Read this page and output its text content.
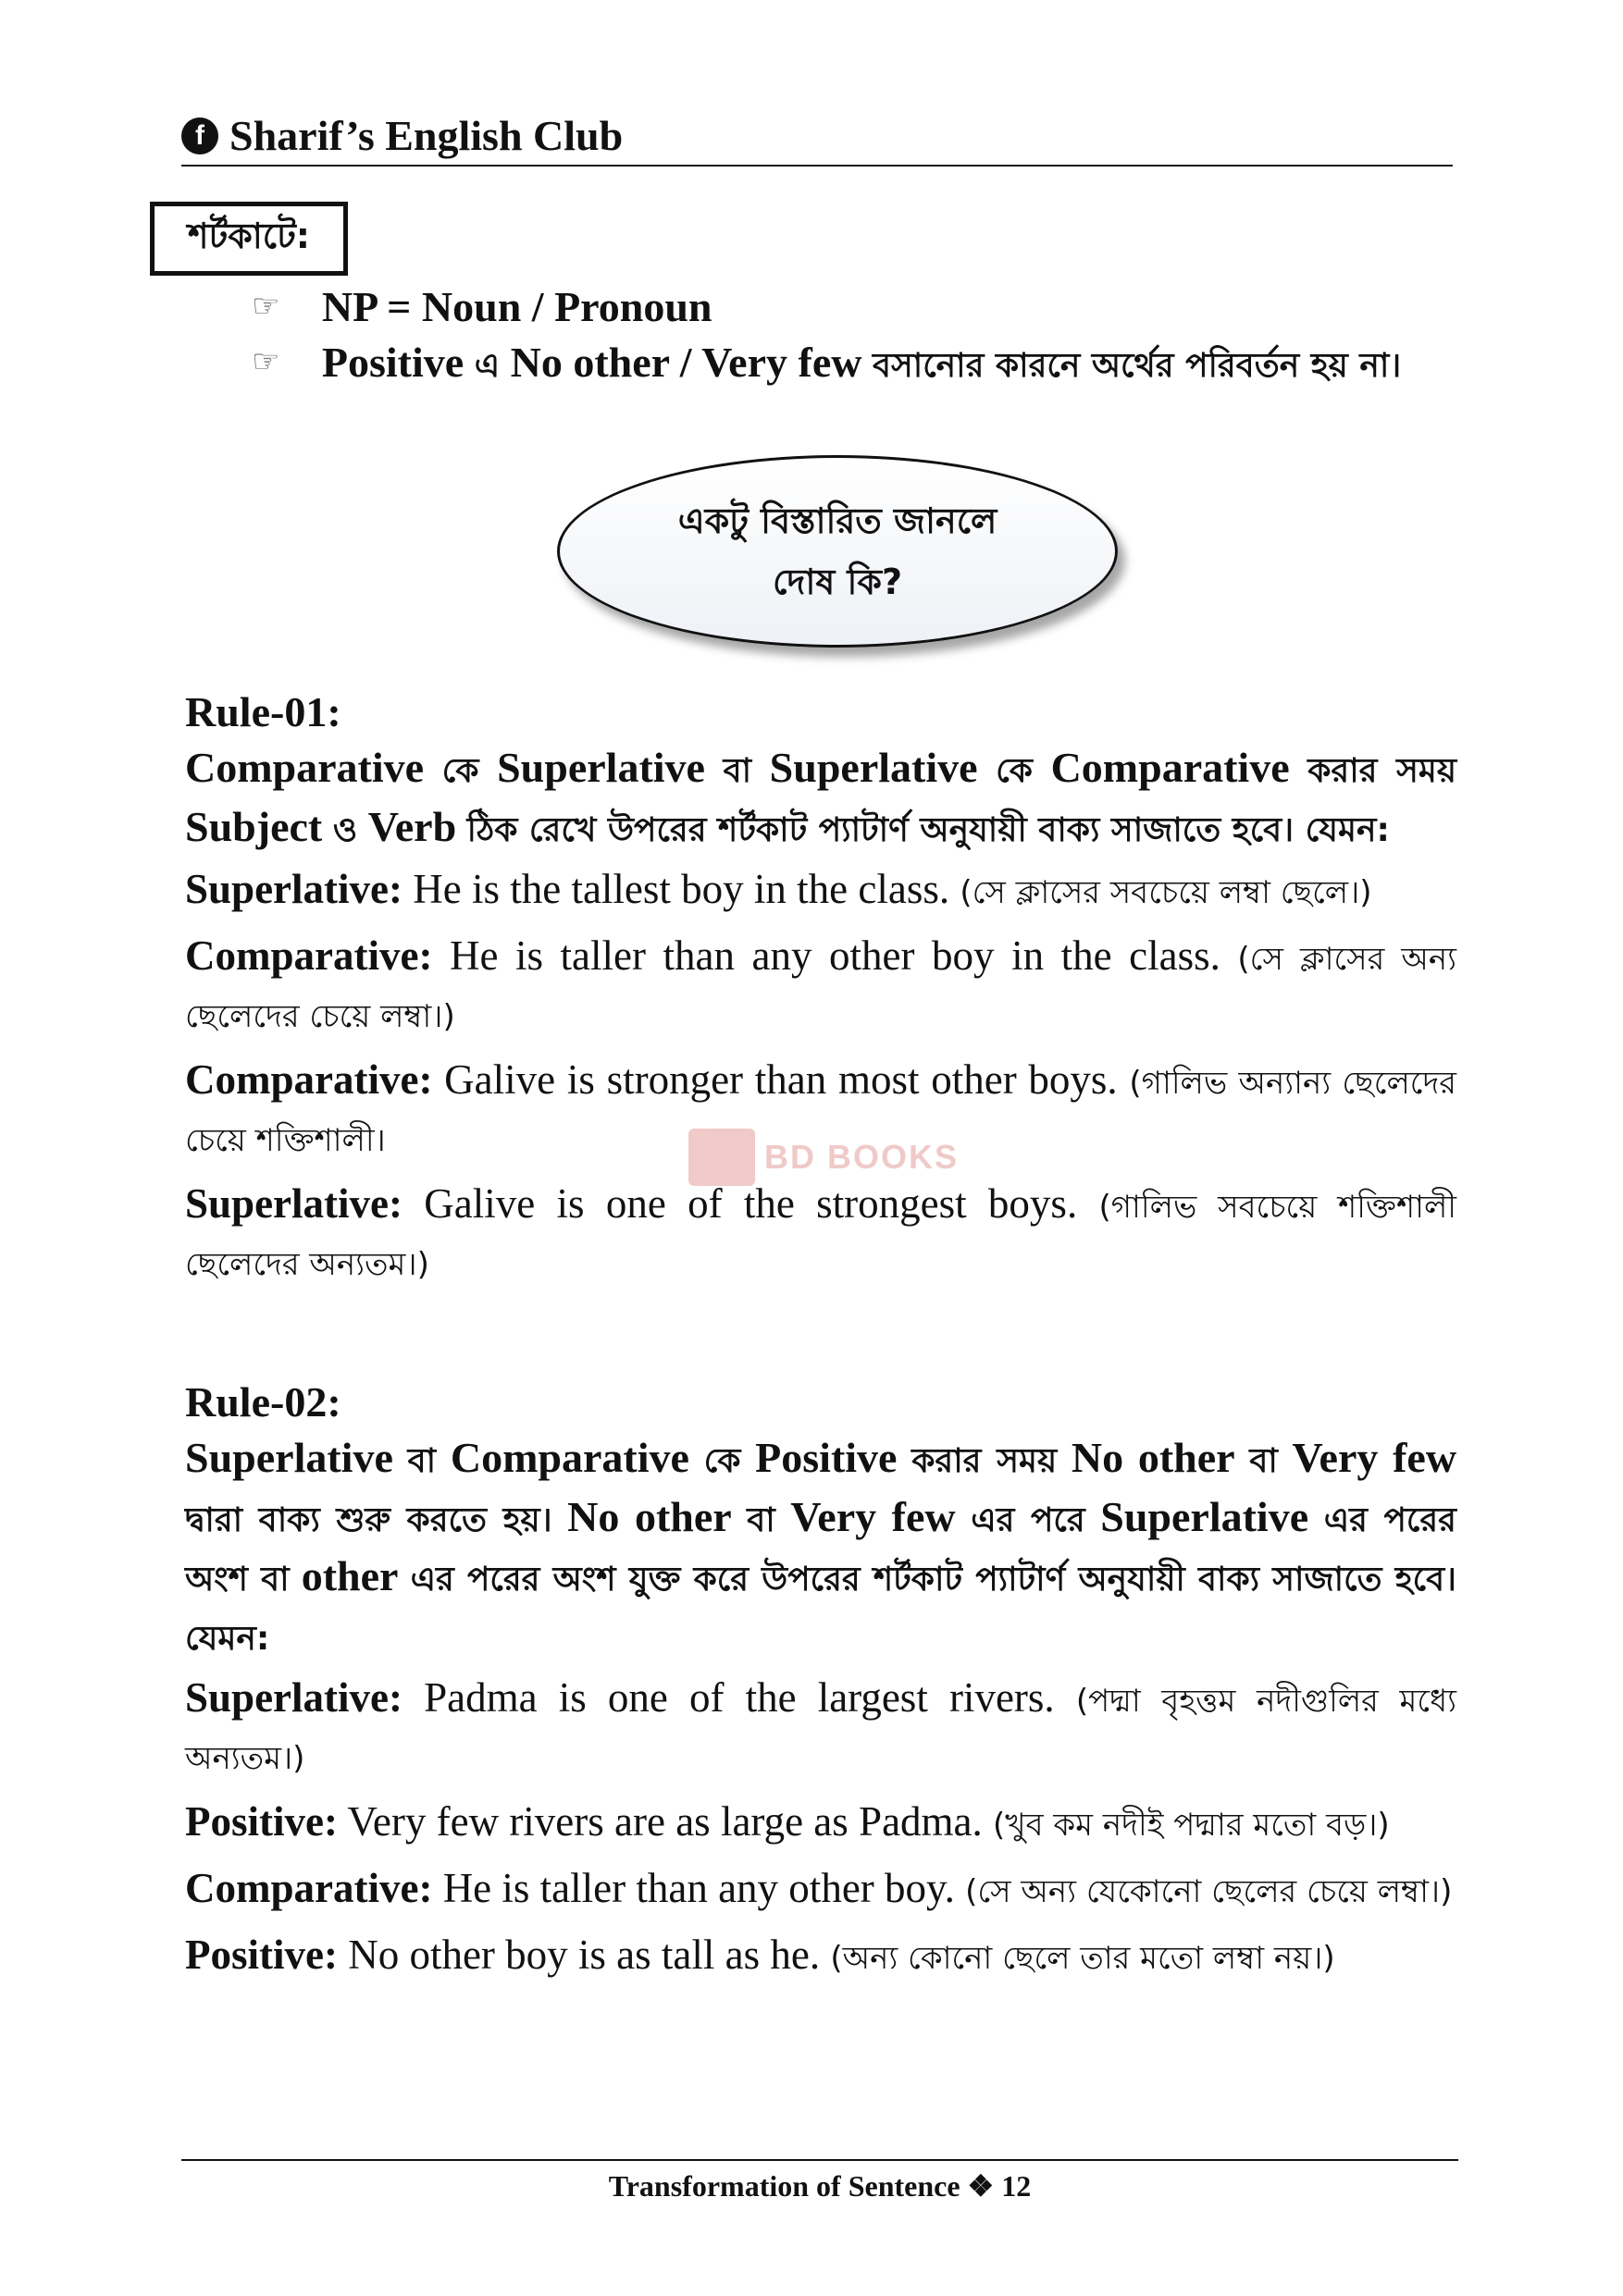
f Sharif’s English Club
শর্টকাটে:
☞ NP = Noun / Pronoun
☞ Positive এ No other / Very few বসানোর কারনে অর্থের পরিবর্তন হয় না।
একটু বিস্তারিত জানলে
দোষ কি?
Rule-01:

Comparative কে Superlative বা Superlative কে Comparative করার সময় Subject ও Verb ঠিক রেখে উপরের শর্টকাট প্যাটার্ণ অনুযায়ী বাক্য সাজাতে হবে। যেমন:

Superlative: He is the tallest boy in the class. (সে ক্লাসের সবচেয়ে লম্বা ছেলে।)

Comparative: He is taller than any other boy in the class. (সে ক্লাসের অন্য ছেলেদের চেয়ে লম্বা।)

Comparative: Galive is stronger than most other boys. (গালিভ অন্যান্য ছেলেদের চেয়ে শক্তিশালী।

Superlative: Galive is one of the strongest boys. (গালিভ সবচেয়ে শক্তিশালী ছেলেদের অন্যতম।)

BD BOOKS
Rule-02:

Superlative বা Comparative কে Positive করার সময় No other বা Very few দ্বারা বাক্য শুরু করতে হয়। No other বা Very few এর পরে Superlative এর পরের অংশ বা other এর পরের অংশ যুক্ত করে উপরের শর্টকাট প্যাটার্ণ অনুযায়ী বাক্য সাজাতে হবে। যেমন:

Superlative: Padma is one of the largest rivers. (পদ্মা বৃহত্তম নদীগুলির মধ্যে অন্যতম।)

Positive: Very few rivers are as large as Padma. (খুব কম নদীই পদ্মার মতো বড়।)

Comparative: He is taller than any other boy. (সে অন্য যেকোনো ছেলের চেয়ে লম্বা।)

Positive: No other boy is as tall as he. (অন্য কোনো ছেলে তার মতো লম্বা নয়।)

Transformation of Sentence ❖ 12
